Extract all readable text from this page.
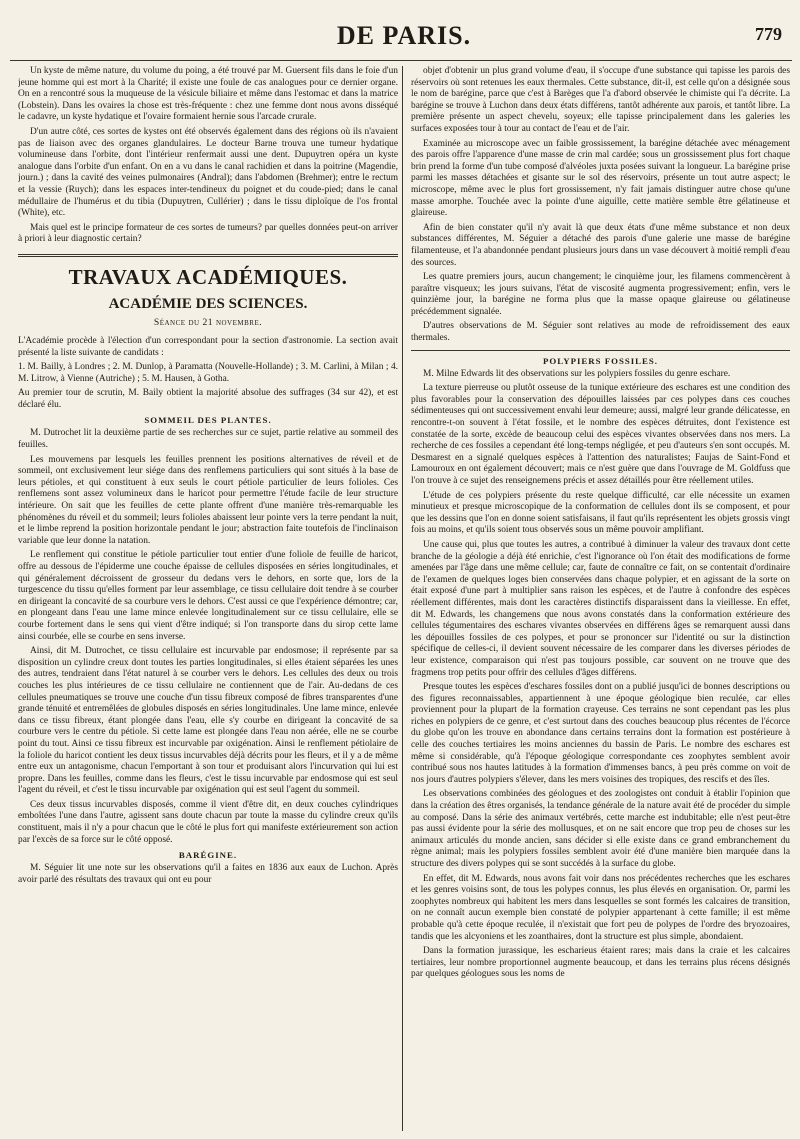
DE PARIS.	779

Un kyste de même nature, du volume du poing, a été trouvé par M. Guersent fils dans le foie d'un jeune homme qui est mort à la Charité; il existe une foule de cas analogues pour ce dernier organe. On en a rencontré sous la muqueuse de la vésicule biliaire et même dans l'estomac et dans la matrice (Lobstein). Dans les ovaires la chose est très-fréquente : chez une femme dont nous avons disséqué le cadavre, un kyste hydatique et l'ovaire formaient hernie sous l'arcade crurale.

D'un autre côté, ces sortes de kystes ont été observés également dans des régions où ils n'avaient pas de liaison avec des organes glandulaires. Le docteur Barne trouva une tumeur hydatique volumineuse dans l'orbite, dont l'intérieur renfermait aussi une dent. Dupuytren opéra un kyste analogue dans l'orbite d'un enfant. On en a vu dans le canal rachidien et dans la poitrine (Magendie, journ.) ; dans la cavité des veines pulmonaires (Andral); dans l'abdomen (Brehmer); entre le rectum et la vessie (Ruych); dans les espaces inter-tendineux du poignet et du coude-pied; dans le canal médullaire de l'humérus et du tibia (Dupuytren, Cullérier) ; dans le tissu diploïque de l'os frontal (White), etc.

Mais quel est le principe formateur de ces sortes de tumeurs? par quelles données peut-on arriver à priori à leur diagnostic certain?

TRAVAUX ACADÉMIQUES.
ACADÉMIE DES SCIENCES.
Séance du 21 novembre.

L'Académie procède à l'élection d'un correspondant pour la section d'astronomie. La section avait présenté la liste suivante de candidats :

1. M. Bailly, à Londres ; 2. M. Dunlop, à Paramatta (Nouvelle-Hollande) ; 3. M. Carlini, à Milan ; 4. M. Litrow, à Vienne (Autriche) ; 5. M. Hausen, à Gotha.

Au premier tour de scrutin, M. Baily obtient la majorité absolue des suffrages (34 sur 42), et est déclaré élu.

SOMMEIL DES PLANTES.

M. Dutrochet lit la deuxième partie de ses recherches sur ce sujet, partie relative au sommeil des feuilles.

Les mouvemens par lesquels les feuilles prennent les positions alternatives de réveil et de sommeil, ont exclusivement leur siége dans des renflemens particuliers qui sont situés à la base de leurs pétioles, et qui constituent à eux seuls le court pétiole particulier de leurs folioles. Ces renflemens sont assez volumineux dans le haricot pour permettre l'étude facile de leur structure intérieure. On sait que les feuilles de cette plante offrent d'une manière très-remarquable les phénomènes du réveil et du sommeil; leurs folioles abaissent leur pointe vers la terre pendant la nuit, et le limbe reprend la position horizontale pendant le jour; abstraction faite toutefois de l'inclinaison variable que leur donne la natation.

Le renflement qui constitue le pétiole particulier tout entier d'une foliole de feuille de haricot, offre au dessous de l'épiderme une couche épaisse de cellules disposées en séries longitudinales, et qui généralement décroissent de grosseur du dedans vers le dehors, en sorte que, lors de la turgescence du tissu qu'elles forment par leur assemblage, ce tissu cellulaire doit tendre à se courber en dirigeant la concavité de sa courbure vers le dehors. C'est aussi ce que l'expérience démontre; car, en plongeant dans l'eau une lame mince enlevée longitudinalement sur ce tissu cellulaire, elle se courbe fortement dans le sens qui vient d'être indiqué; si l'on transporte dans du sirop cette lame ainsi courbée, elle se courbe en sens inverse.

Ainsi, dit M. Dutrochet, ce tissu cellulaire est incurvable par endosmose; il représente par sa disposition un cylindre creux dont toutes les parties longitudinales, si elles étaient séparées les unes des autres, tendraient dans l'état naturel à se courber vers le dehors. Les cellules des deux ou trois couches les plus intérieures de ce tissu cellulaire ne contiennent que de l'air. Au-dedans de ces cellules pneumatiques se trouve une couche d'un tissu fibreux composé de fibres transparentes d'une grande ténuité et entremêlées de globules disposés en séries longitudinales. Une lame mince, enlevée dans ce tissu fibreux, étant plongée dans l'eau, elle s'y courbe en dirigeant la concavité de sa courbure vers le centre du pétiole. Si cette lame est plongée dans l'eau non aérée, elle ne se courbe point du tout. Ainsi ce tissu fibreux est incurvable par oxigénation. Ainsi le renflement pétiolaire de la foliole du haricot contient les deux tissus incurvables déjà décrits pour les fleurs, et il y a de même entre eux un antagonisme, chacun l'emportant à son tour et produisant alors l'incurvation qui lui est propre. Dans les feuilles, comme dans les fleurs, c'est le tissu incurvable par endosmose qui est seul l'agent du réveil, et c'est le tissu incurvable par oxigénation qui est seul l'agent du sommeil.

Ces deux tissus incurvables disposés, comme il vient d'être dit, en deux couches cylindriques emboîtées l'une dans l'autre, agissent sans doute chacun par toute la masse du cylindre creux qu'ils constituent, mais il n'y a pour chacun que le côté le plus fort qui manifeste extérieurement son action par l'excès de sa force sur le côté opposé.

BARÉGINE.

M. Séguier lit une note sur les observations qu'il a faites en 1836 aux eaux de Luchon. Après avoir parlé des résultats des travaux qui ont eu pour

objet d'obtenir un plus grand volume d'eau, il s'occupe d'une substance qui tapisse les parois des réservoirs où sont retenues les eaux thermales. Cette substance, dit-il, est celle qu'on a désignée sous le nom de barégine, parce que c'est à Barèges que l'a d'abord observée le chimiste qui l'a décrite. La barégine se trouve à Luchon dans deux états différens, tantôt adhérente aux parois, et tantôt libre. La première présente un aspect chevelu, soyeux; elle tapisse principalement dans les galeries les surfaces exposées tour à tour au contact de l'eau et de l'air.

Examinée au microscope avec un faible grossissement, la barégine détachée avec ménagement des parois offre l'apparence d'une masse de crin mal cardée; sous un grossissement plus fort chaque brin prend la forme d'un tube composé d'alvéoles juxta posées suivant la longueur. La barégine prise parmi les masses détachées et gisante sur le sol des réservoirs, présente un tout autre aspect; le microscope, même avec le plus fort grossissement, n'y fait jamais distinguer autre chose qu'une masse amorphe. Touchée avec la pointe d'une aiguille, cette matière semble être gélatineuse et glaireuse.

Afin de bien constater qu'il n'y avait là que deux états d'une même substance et non deux substances différentes, M. Séguier a détaché des parois d'une galerie une masse de barégine filamenteuse, et l'a abandonnée pendant plusieurs jours dans un vase découvert à moitié rempli d'eau des sources.

Les quatre premiers jours, aucun changement; le cinquième jour, les filamens commencèrent à paraître visqueux; les jours suivans, l'état de viscosité augmenta progressivement; enfin, vers le quinzième jour, la barégine ne forma plus que la masse opaque glaireuse ou gélatineuse précédemment signalée.

D'autres observations de M. Séguier sont relatives au mode de refroidissement des eaux thermales.

POLYPIERS FOSSILES.

M. Milne Edwards lit des observations sur les polypiers fossiles du genre eschare.

La texture pierreuse ou plutôt osseuse de la tunique extérieure des eschares est une condition des plus favorables pour la conservation des dépouilles laissées par ces polypes dans ces couches sédimenteuses qui ont successivement envahi leur demeure; aussi, malgré leur grande délicatesse, en rencontre-t-on souvent à l'état fossile, et le nombre des espèces détruites, dont l'existence est constatée de la sorte, excède de beaucoup celui des espèces vivantes observées dans nos mers. La recherche de ces fossiles a cependant été long-temps négligée, et peu d'auteurs s'en sont occupés. M. Desmarest en a signalé quelques espèces à l'attention des naturalistes; Faujas de Saint-Fond et Lamouroux en ont également découvert; mais ce n'est guère que dans l'ouvrage de M. Goldfuss que l'on trouve à ce sujet des renseignemens précis et assez détaillés pour être réellement utiles.

L'étude de ces polypiers présente du reste quelque difficulté, car elle nécessite un examen minutieux et presque microscopique de la conformation de cellules dont ils se composent, et pour que les dessins que l'on en donne soient satisfaisans, il faut qu'ils représentent les objets grossis vingt fois au moins, et qu'ils soient tous observés sous un même pouvoir amplifiant.

Une cause qui, plus que toutes les autres, a contribué à diminuer la valeur des travaux dont cette branche de la géologie a déjà été enrichie, c'est l'ignorance où l'on était des modifications de forme amenées par l'âge dans une même cellule; car, faute de connaître ce fait, on se contentait d'ordinaire de l'examen de quelques loges bien conservées dans chaque polypier, et en agissant de la sorte on était exposé d'une part à multiplier sans raison les espèces, et de l'autre à confondre des espèces réellement différentes, mais dont les caractères distinctifs disparaissent dans la vieillesse. En effet, dit M. Edwards, les changemens que nous avons constatés dans la conformation extérieure des cellules tégumentaires des eschares vivantes observées en différens âges se remarquent aussi dans les dépouilles fossiles de ces polypes, et pour se prononcer sur l'identité ou sur la distinction spécifique de celles-ci, il devient souvent nécessaire de les comparer dans les diverses périodes de leur existence, comparaison qui n'est pas toujours possible, car souvent on ne trouve que des fragmens trop petits pour offrir des cellules d'âges différens.

Presque toutes les espèces d'eschares fossiles dont on a publié jusqu'ici de bonnes descriptions ou des figures reconnaissables, appartiennent à une époque géologique bien reculée, car elles proviennent pour la plupart de la formation crayeuse. Ces terrains ne sont cependant pas les plus riches en polypiers de ce genre, et c'est surtout dans des couches beaucoup plus récentes de l'écorce du globe qu'on les trouve en abondance dans certains terrains dont la formation est postérieure à celle des couches tertiaires les moins anciennes du bassin de Paris. Le nombre des eschares est même si considérable, qu'à l'époque géologique correspondante ces zoophytes semblent avoir contribué sous nos hautes latitudes à la formation d'immenses bancs, à peu près comme on voit de nos jours d'autres polypiers s'élever, dans les mers voisines des tropiques, des rescifs et des îles.

Les observations combinées des géologues et des zoologistes ont conduit à établir l'opinion que dans la création des êtres organisés, la tendance générale de la nature avait été de procéder du simple au composé. Dans la série des animaux vertébrés, cette marche est indubitable; elle n'est peut-être pas aussi évidente pour la série des mollusques, et on ne sait encore que trop peu de choses sur les animaux articulés du monde ancien, sans décider si elle existe dans ce grand embranchement du règne animal; mais les polypiers fossiles semblent avoir été d'une manière bien marquée dans la structure des divers polypes qui se sont succédés à la surface du globe.

En effet, dit M. Edwards, nous avons fait voir dans nos précédentes recherches que les eschares et les genres voisins sont, de tous les polypes connus, les plus élevés en organisation. Or, parmi les zoophytes nombreux qui habitent les mers dans lesquelles se sont formés les calcaires de transition, on ne connaît aucun exemple bien constaté de polypier appartenant à cette famille; il est même probable qu'à cette époque reculée, il n'existait que fort peu de polypes de l'ordre des bryozoaires, tandis que les alcyoniens et les zoanthaires, dont la structure est plus simple, abondaient.

Dans la formation jurassique, les escharieus étaient rares; mais dans la craie et les calcaires tertiaires, leur nombre proportionnel augmente beaucoup, et dans les terrains plus récens désignés par quelques géologues sous les noms de
